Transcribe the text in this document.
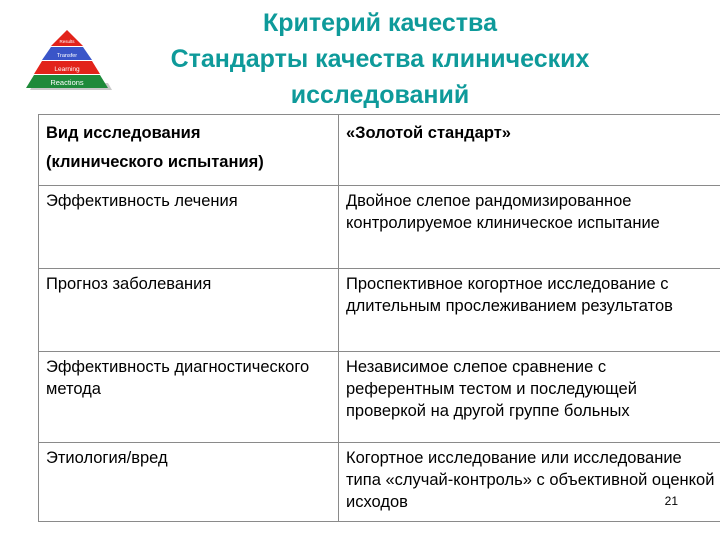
Reactions
Learning
Transfer
Results
Критерий качества
Стандарты качества клинических
исследований
Вид исследования
(клинического испытания)	«Золотой стандарт»
Эффективность лечения	Двойное слепое рандомизированное контролируемое клиническое испытание
Прогноз заболевания	Проспективное когортное исследование с длительным прослеживанием результатов
Эффективность диагностического метода	Независимое слепое сравнение с референтным тестом и последующей проверкой на другой группе больных
Этиология/вред	Когортное исследование или исследование типа «случай-контроль» с объективной оценкой исходов	21
